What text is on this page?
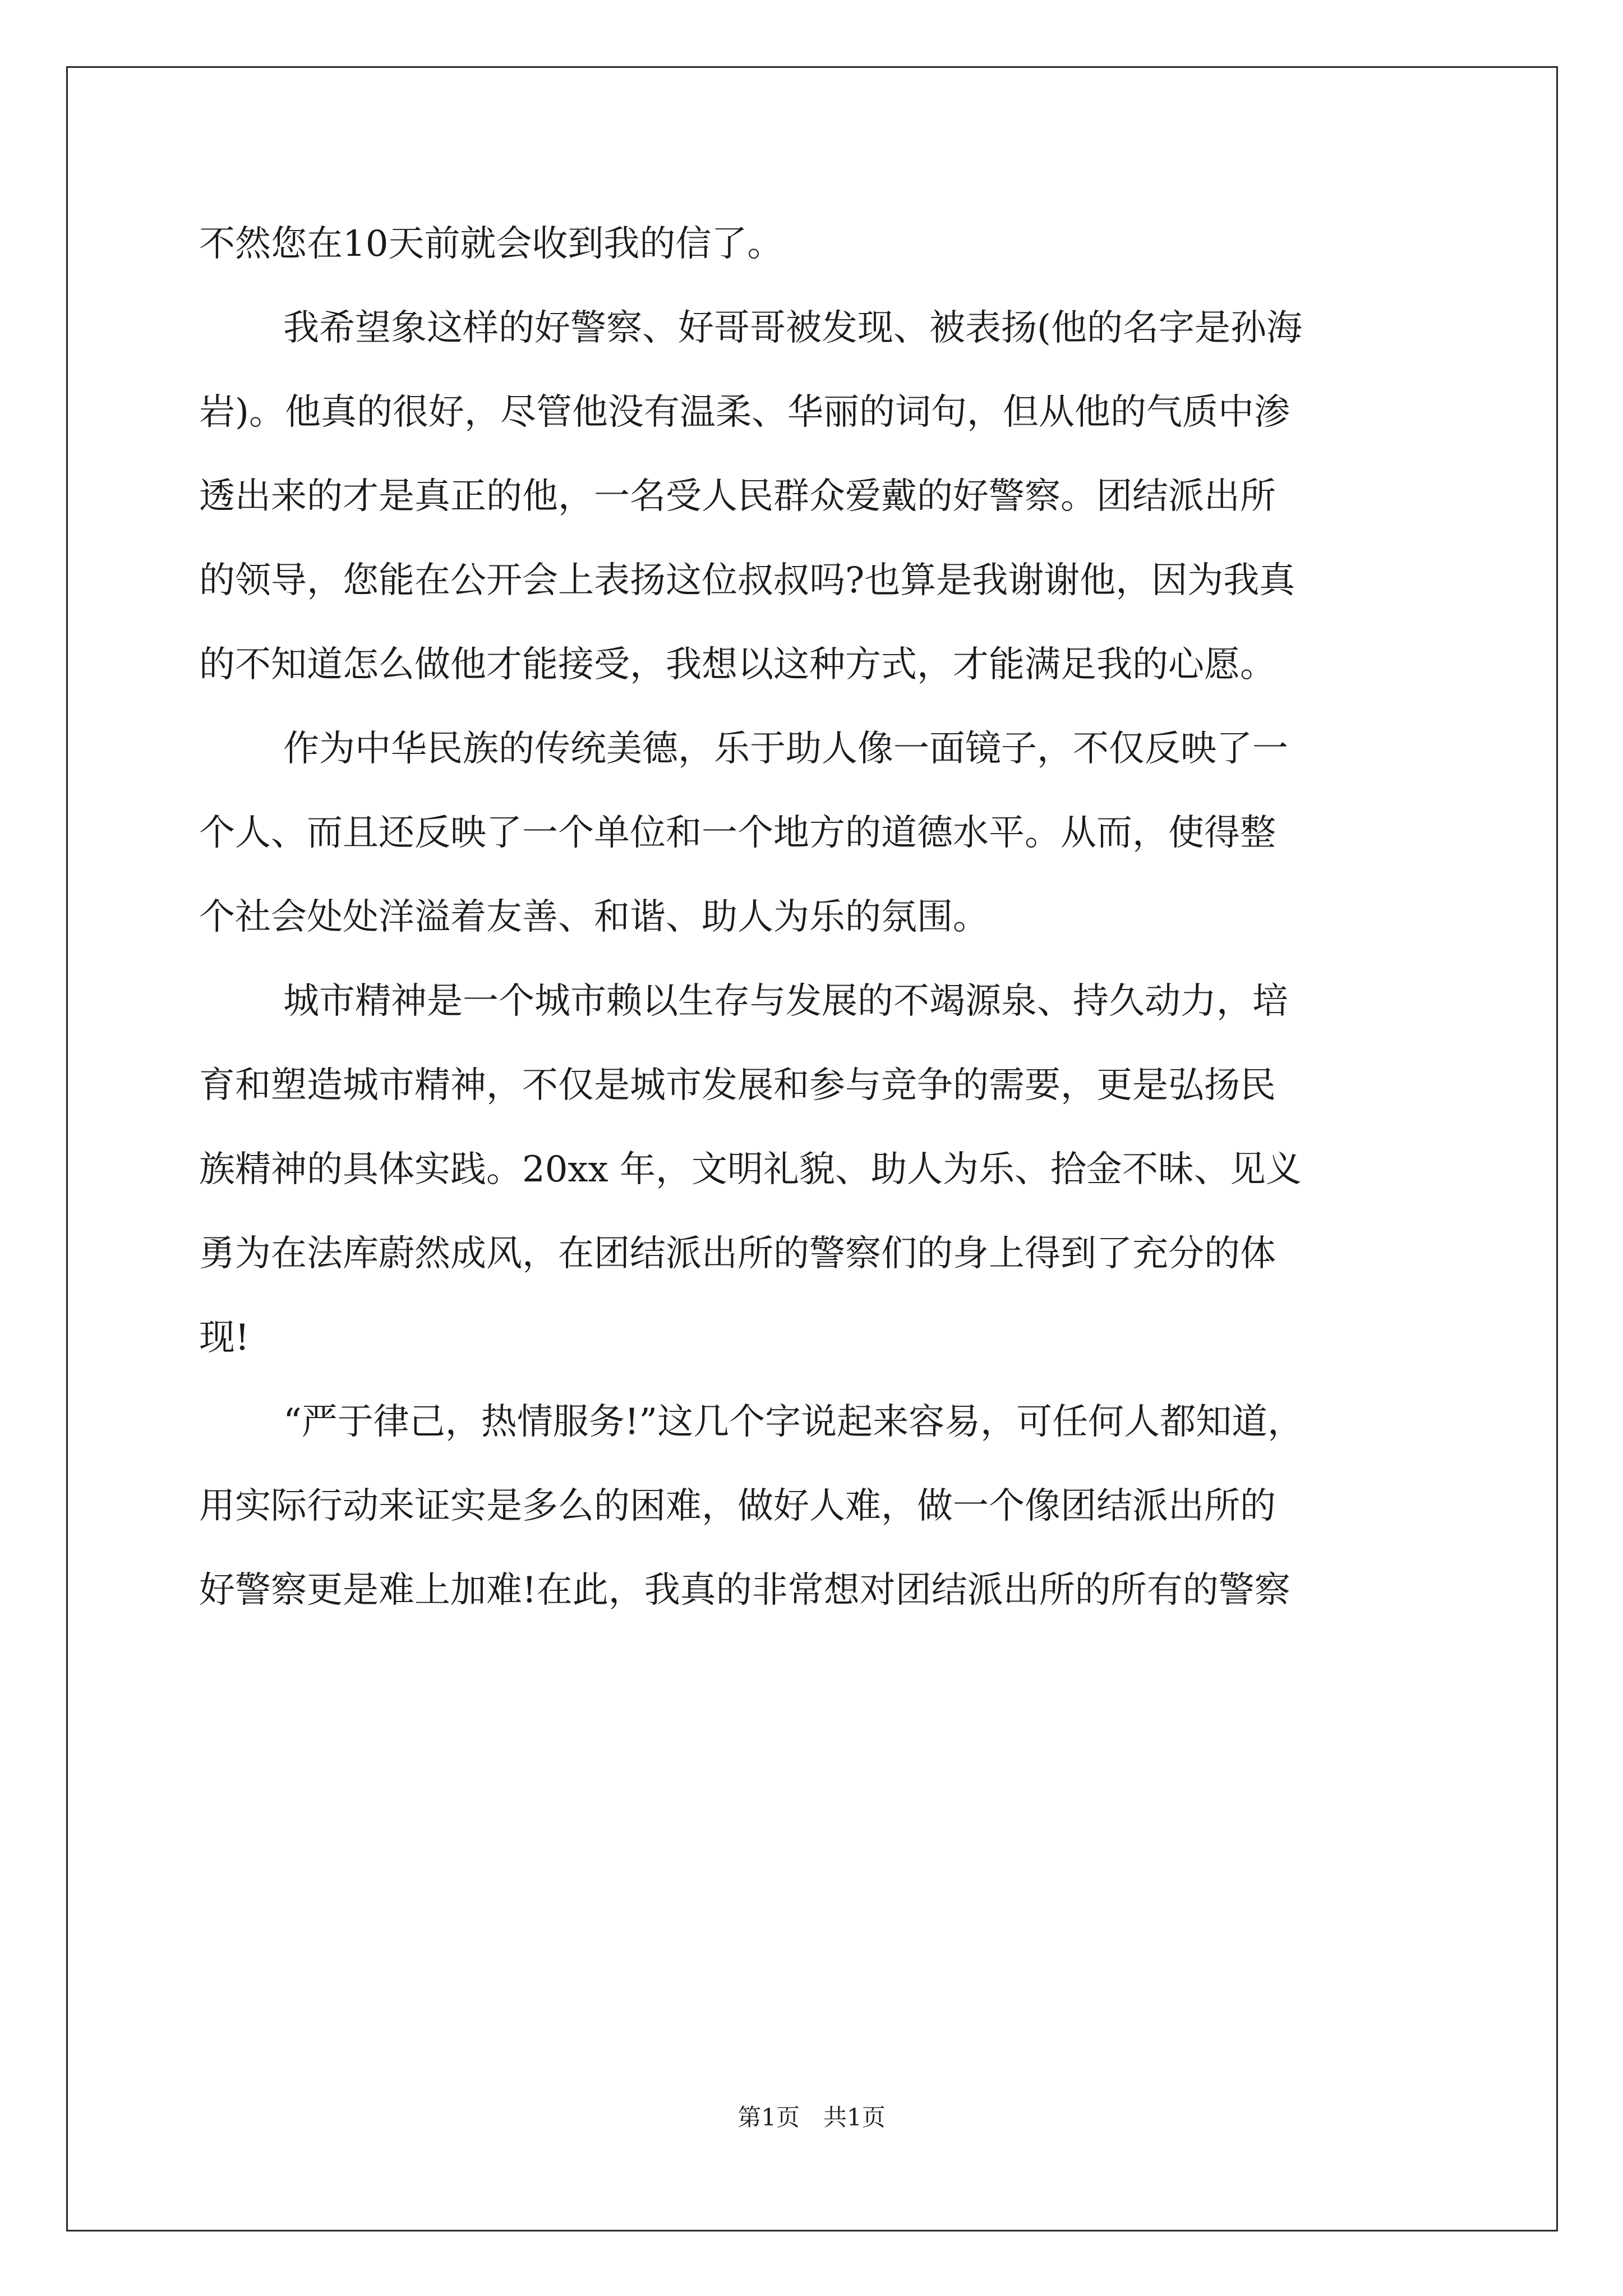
不然您在10天前就会收到我的信了。
我希望象这样的好警察、好哥哥被发现、被表扬(他的名字是孙海
岩)。他真的很好，尽管他没有温柔、华丽的词句，但从他的气质中渗
透出来的才是真正的他，一名受人民群众爱戴的好警察。团结派出所
的领导，您能在公开会上表扬这位叔叔吗?也算是我谢谢他，因为我真
的不知道怎么做他才能接受，我想以这种方式，才能满足我的心愿。
作为中华民族的传统美德，乐于助人像一面镜子，不仅反映了一
个人、而且还反映了一个单位和一个地方的道德水平。从而，使得整
个社会处处洋溢着友善、和谐、助人为乐的氛围。
城市精神是一个城市赖以生存与发展的不竭源泉、持久动力，培
育和塑造城市精神，不仅是城市发展和参与竞争的需要，更是弘扬民
族精神的具体实践。20xx 年，文明礼貌、助人为乐、拾金不昧、见义
勇为在法库蔚然成风，在团结派出所的警察们的身上得到了充分的体
现!
“严于律己，热情服务!”这几个字说起来容易，可任何人都知道，
用实际行动来证实是多么的困难，做好人难，做一个像团结派出所的
好警察更是难上加难!在此，我真的非常想对团结派出所的所有的警察
第1页　共1页
